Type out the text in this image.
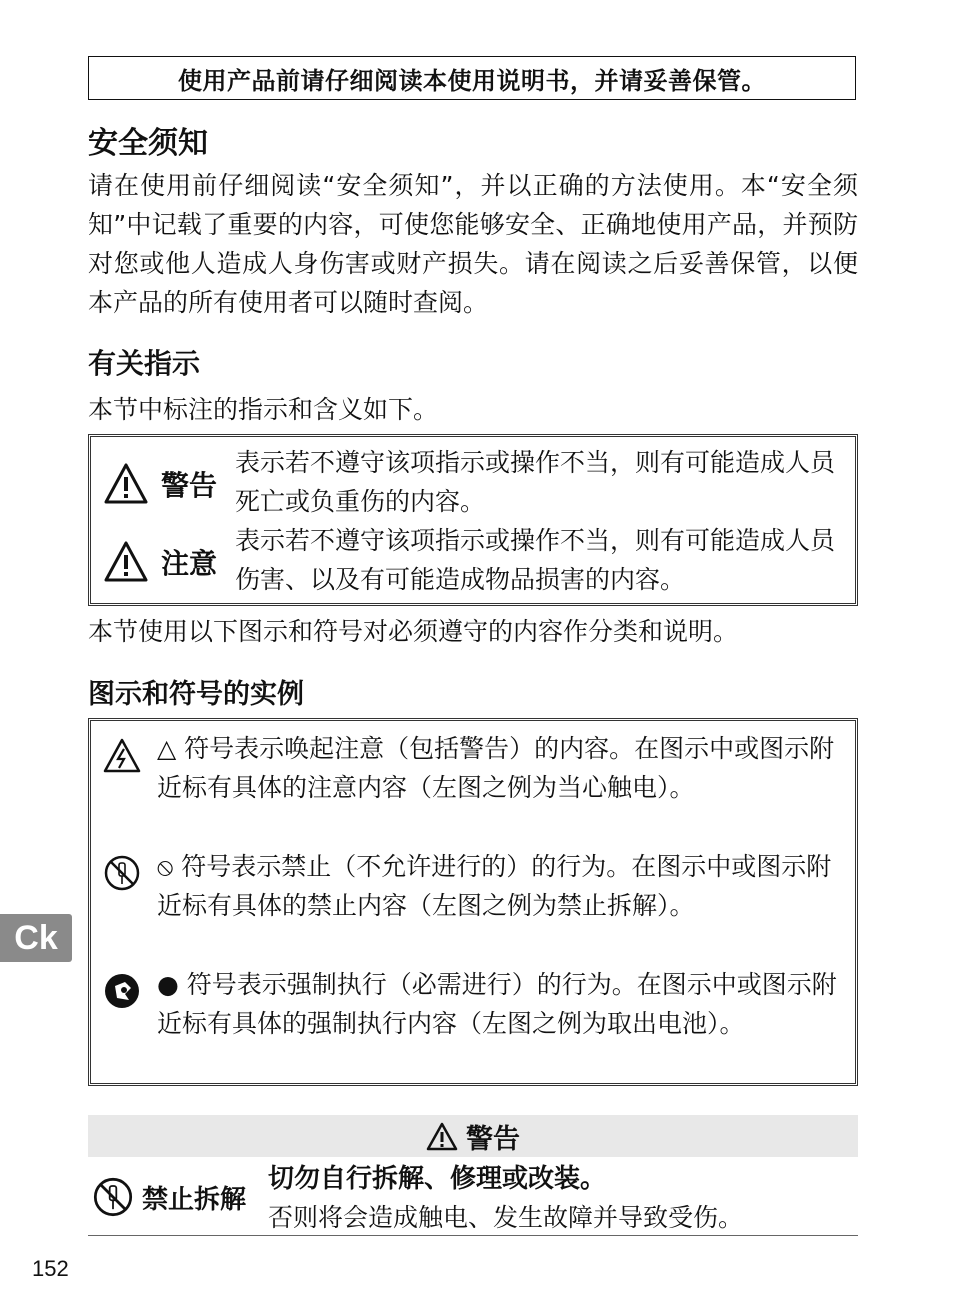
使用产品前请仔细阅读本使用说明书，并请妥善保管。
安全须知
请在使用前仔细阅读“安全须知”，并以正确的方法使用。本“安全须知”中记载了重要的内容，可使您能够安全、正确地使用产品，并预防对您或他人造成人身伤害或财产损失。请在阅读之后妥善保管，以便本产品的所有使用者可以随时查阅。
有关指示
本节中标注的指示和含义如下。
警告
表示若不遵守该项指示或操作不当，则有可能造成人员死亡或负重伤的内容。
注意
表示若不遵守该项指示或操作不当，则有可能造成人员伤害、以及有可能造成物品损害的内容。
本节使用以下图示和符号对必须遵守的内容作分类和说明。
图示和符号的实例
△ 符号表示唤起注意（包括警告）的内容。在图示中或图示附近标有具体的注意内容（左图之例为当心触电）。
⦸ 符号表示禁止（不允许进行的）的行为。在图示中或图示附近标有具体的禁止内容（左图之例为禁止拆解）。
● 符号表示强制执行（必需进行）的行为。在图示中或图示附近标有具体的强制执行内容（左图之例为取出电池）。
Ck
警告
禁止拆解
切勿自行拆解、修理或改装。
否则将会造成触电、发生故障并导致受伤。
152
